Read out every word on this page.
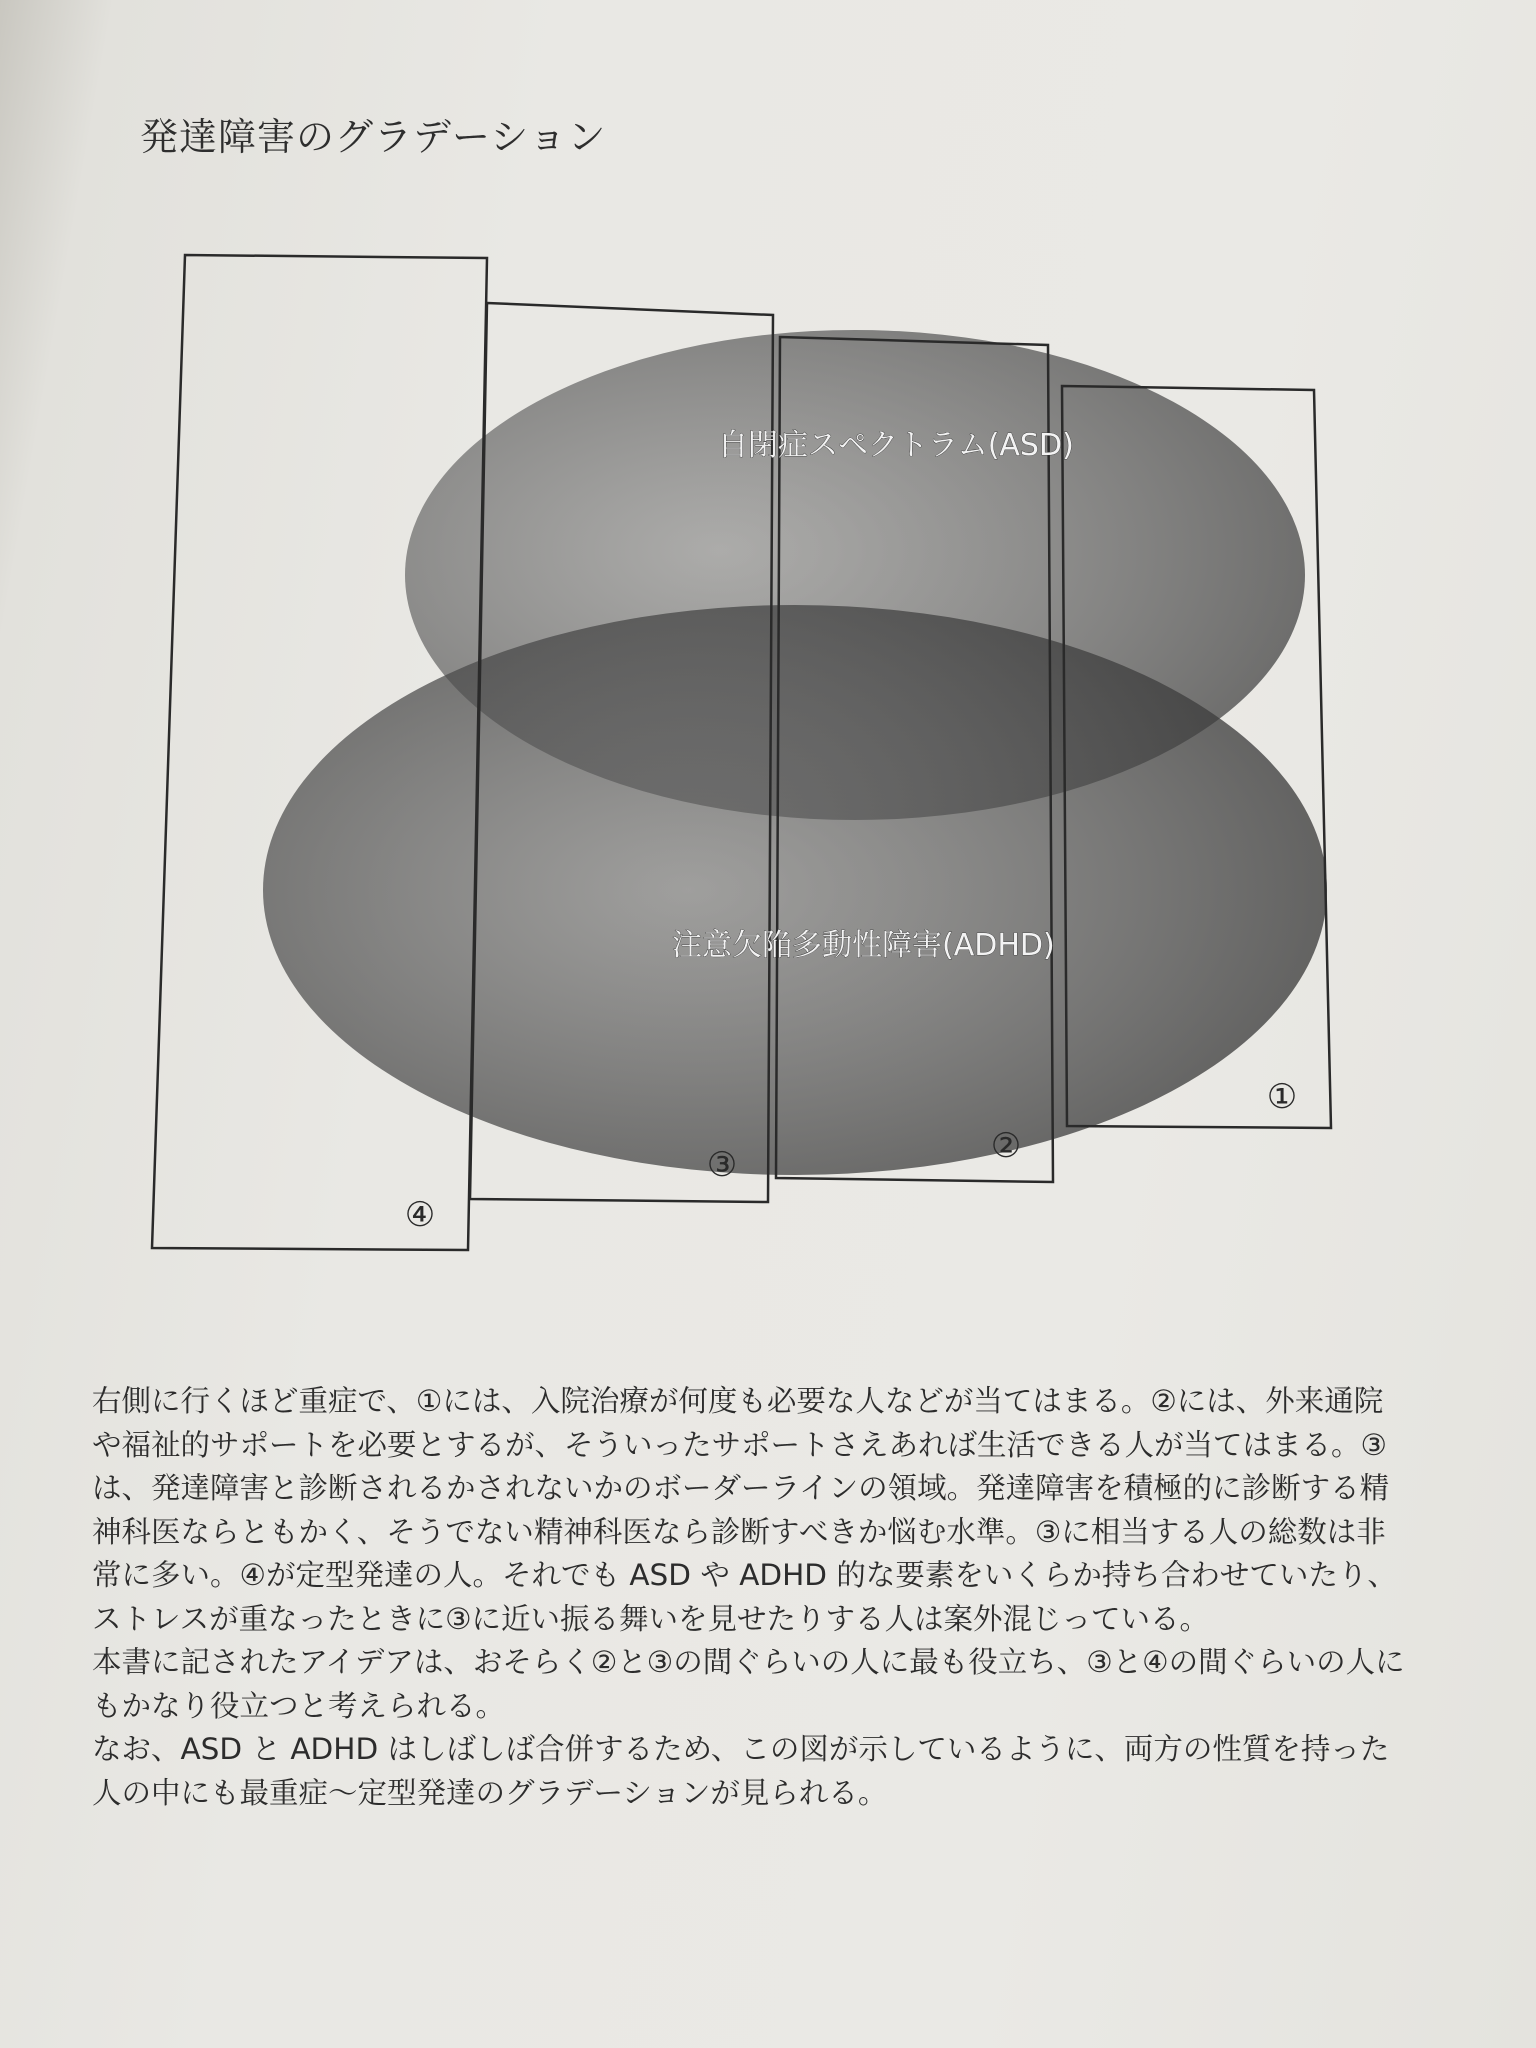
発達障害のグラデーション
自閉症スペクトラム(ASD)
注意欠陥多動性障害(ADHD)
①
②
③
④

右側に行くほど重症で、①には、入院治療が何度も必要な人などが当てはまる。②には、外来通院や福祉的サポートを必要とするが、そういったサポートさえあれば生活できる人が当てはまる。③は、発達障害と診断されるかされないかのボーダーラインの領域。発達障害を積極的に診断する精神科医ならともかく、そうでない精神科医なら診断すべきか悩む水準。③に相当する人の総数は非常に多い。④が定型発達の人。それでも ASD や ADHD 的な要素をいくらか持ち合わせていたり、ストレスが重なったときに③に近い振る舞いを見せたりする人は案外混じっている。

本書に記されたアイデアは、おそらく②と③の間ぐらいの人に最も役立ち、③と④の間ぐらいの人にもかなり役立つと考えられる。

なお、ASD と ADHD はしばしば合併するため、この図が示しているように、両方の性質を持った人の中にも最重症〜定型発達のグラデーションが見られる。
